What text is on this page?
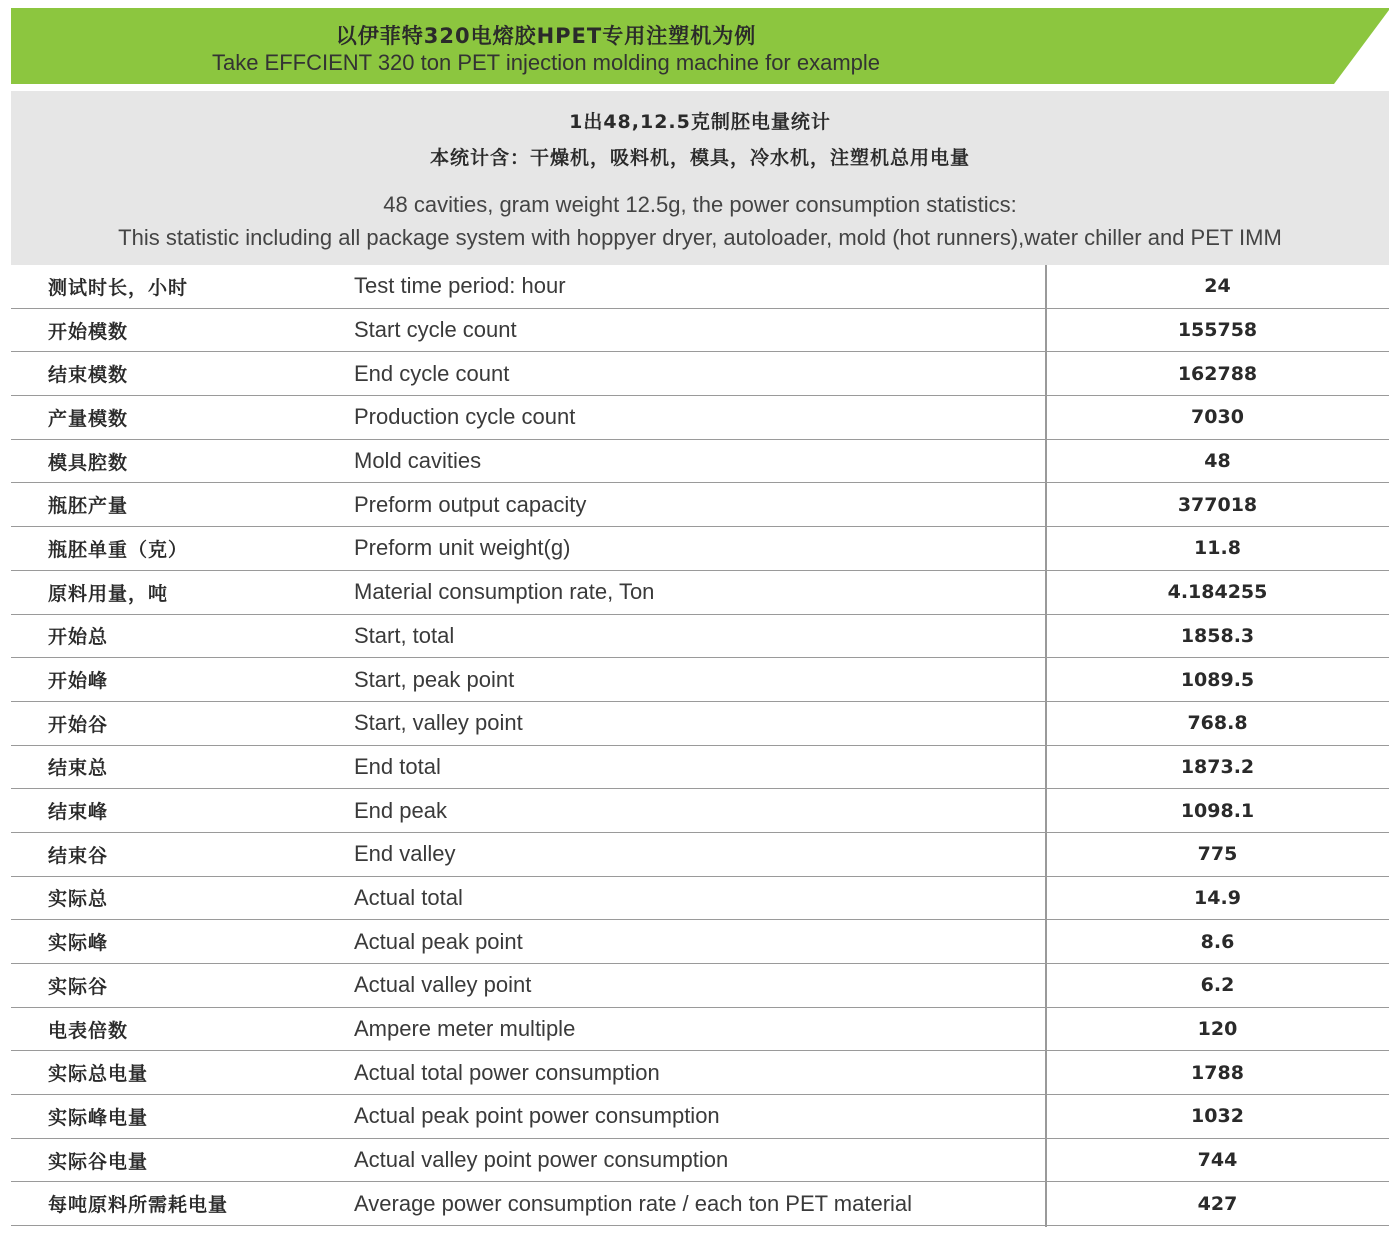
以伊菲特320电熔胶HPET专用注塑机为例
Take EFFCIENT 320 ton PET injection molding machine for example
1出48,12.5克制胚电量统计
本统计含：干燥机，吸料机，模具，冷水机，注塑机总用电量
48 cavities, gram weight 12.5g, the power consumption statistics:
This statistic including all package system with hoppyer dryer, autoloader, mold (hot runners),water chiller and PET IMM
测试时长，小时	Test time period: hour	24
开始模数	Start cycle count	155758
结束模数	End cycle count	162788
产量模数	Production cycle count	7030
模具腔数	Mold cavities	48
瓶胚产量	Preform output capacity	377018
瓶胚单重（克）	Preform unit weight(g)	11.8
原料用量，吨	Material consumption rate, Ton	4.184255
开始总	Start, total	1858.3
开始峰	Start, peak point	1089.5
开始谷	Start, valley point	768.8
结束总	End total	1873.2
结束峰	End peak	1098.1
结束谷	End valley	775
实际总	Actual total	14.9
实际峰	Actual peak point	8.6
实际谷	Actual valley point	6.2
电表倍数	Ampere meter multiple	120
实际总电量	Actual total power consumption	1788
实际峰电量	Actual peak point power consumption	1032
实际谷电量	Actual valley point power consumption	744
每吨原料所需耗电量	Average power consumption rate / each ton PET material	427
